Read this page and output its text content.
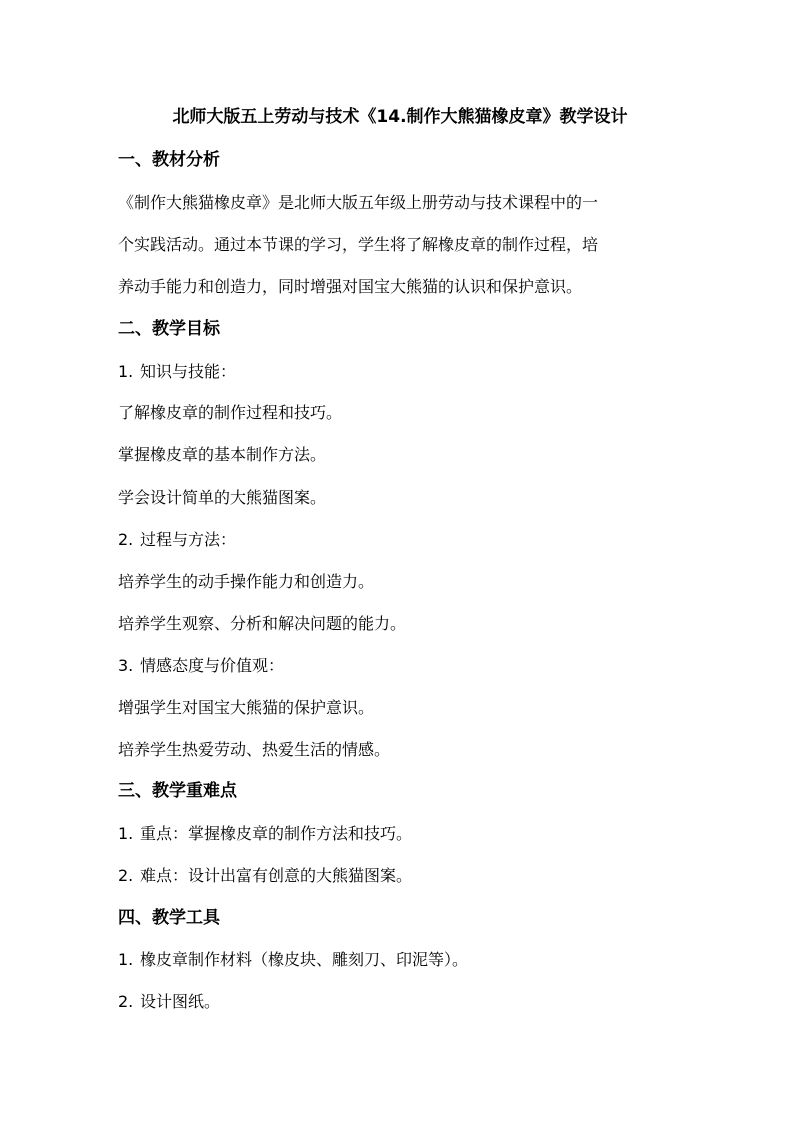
北师大版五上劳动与技术《14.制作大熊猫橡皮章》教学设计
一、教材分析
《制作大熊猫橡皮章》是北师大版五年级上册劳动与技术课程中的一
个实践活动。通过本节课的学习，学生将了解橡皮章的制作过程，培
养动手能力和创造力，同时增强对国宝大熊猫的认识和保护意识。
二、教学目标
1. 知识与技能：
了解橡皮章的制作过程和技巧。
掌握橡皮章的基本制作方法。
学会设计简单的大熊猫图案。
2. 过程与方法：
培养学生的动手操作能力和创造力。
培养学生观察、分析和解决问题的能力。
3. 情感态度与价值观：
增强学生对国宝大熊猫的保护意识。
培养学生热爱劳动、热爱生活的情感。
三、教学重难点
1. 重点：掌握橡皮章的制作方法和技巧。
2. 难点：设计出富有创意的大熊猫图案。
四、教学工具
1. 橡皮章制作材料（橡皮块、雕刻刀、印泥等）。
2. 设计图纸。
